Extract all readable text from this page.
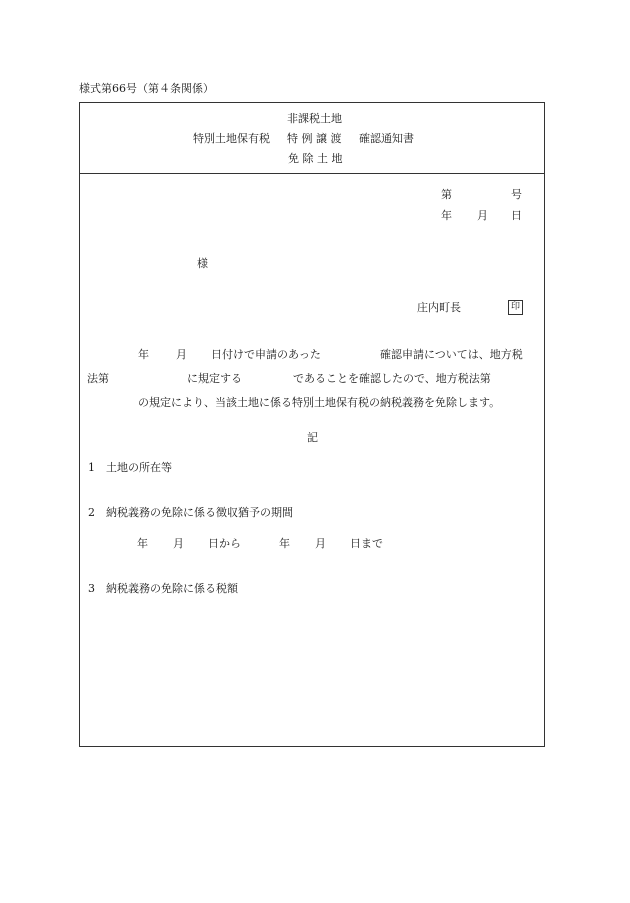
様式第66号（第４条関係）
非課税土地
特別土地保有税 特 例 譲 渡 確認通知書
免 除 土 地
第	号
年 月 日
様
庄内町長	印
年 月 日付けで申請のあった	確認申請については、地方税
法第	に規定する	であることを確認したので、地方税法第
の規定により、当該土地に係る特別土地保有税の納税義務を免除します。
記
1　土地の所在等
2　納税義務の免除に係る徴収猶予の期間
年 月 日から	年 月 日まで
3　納税義務の免除に係る税額
